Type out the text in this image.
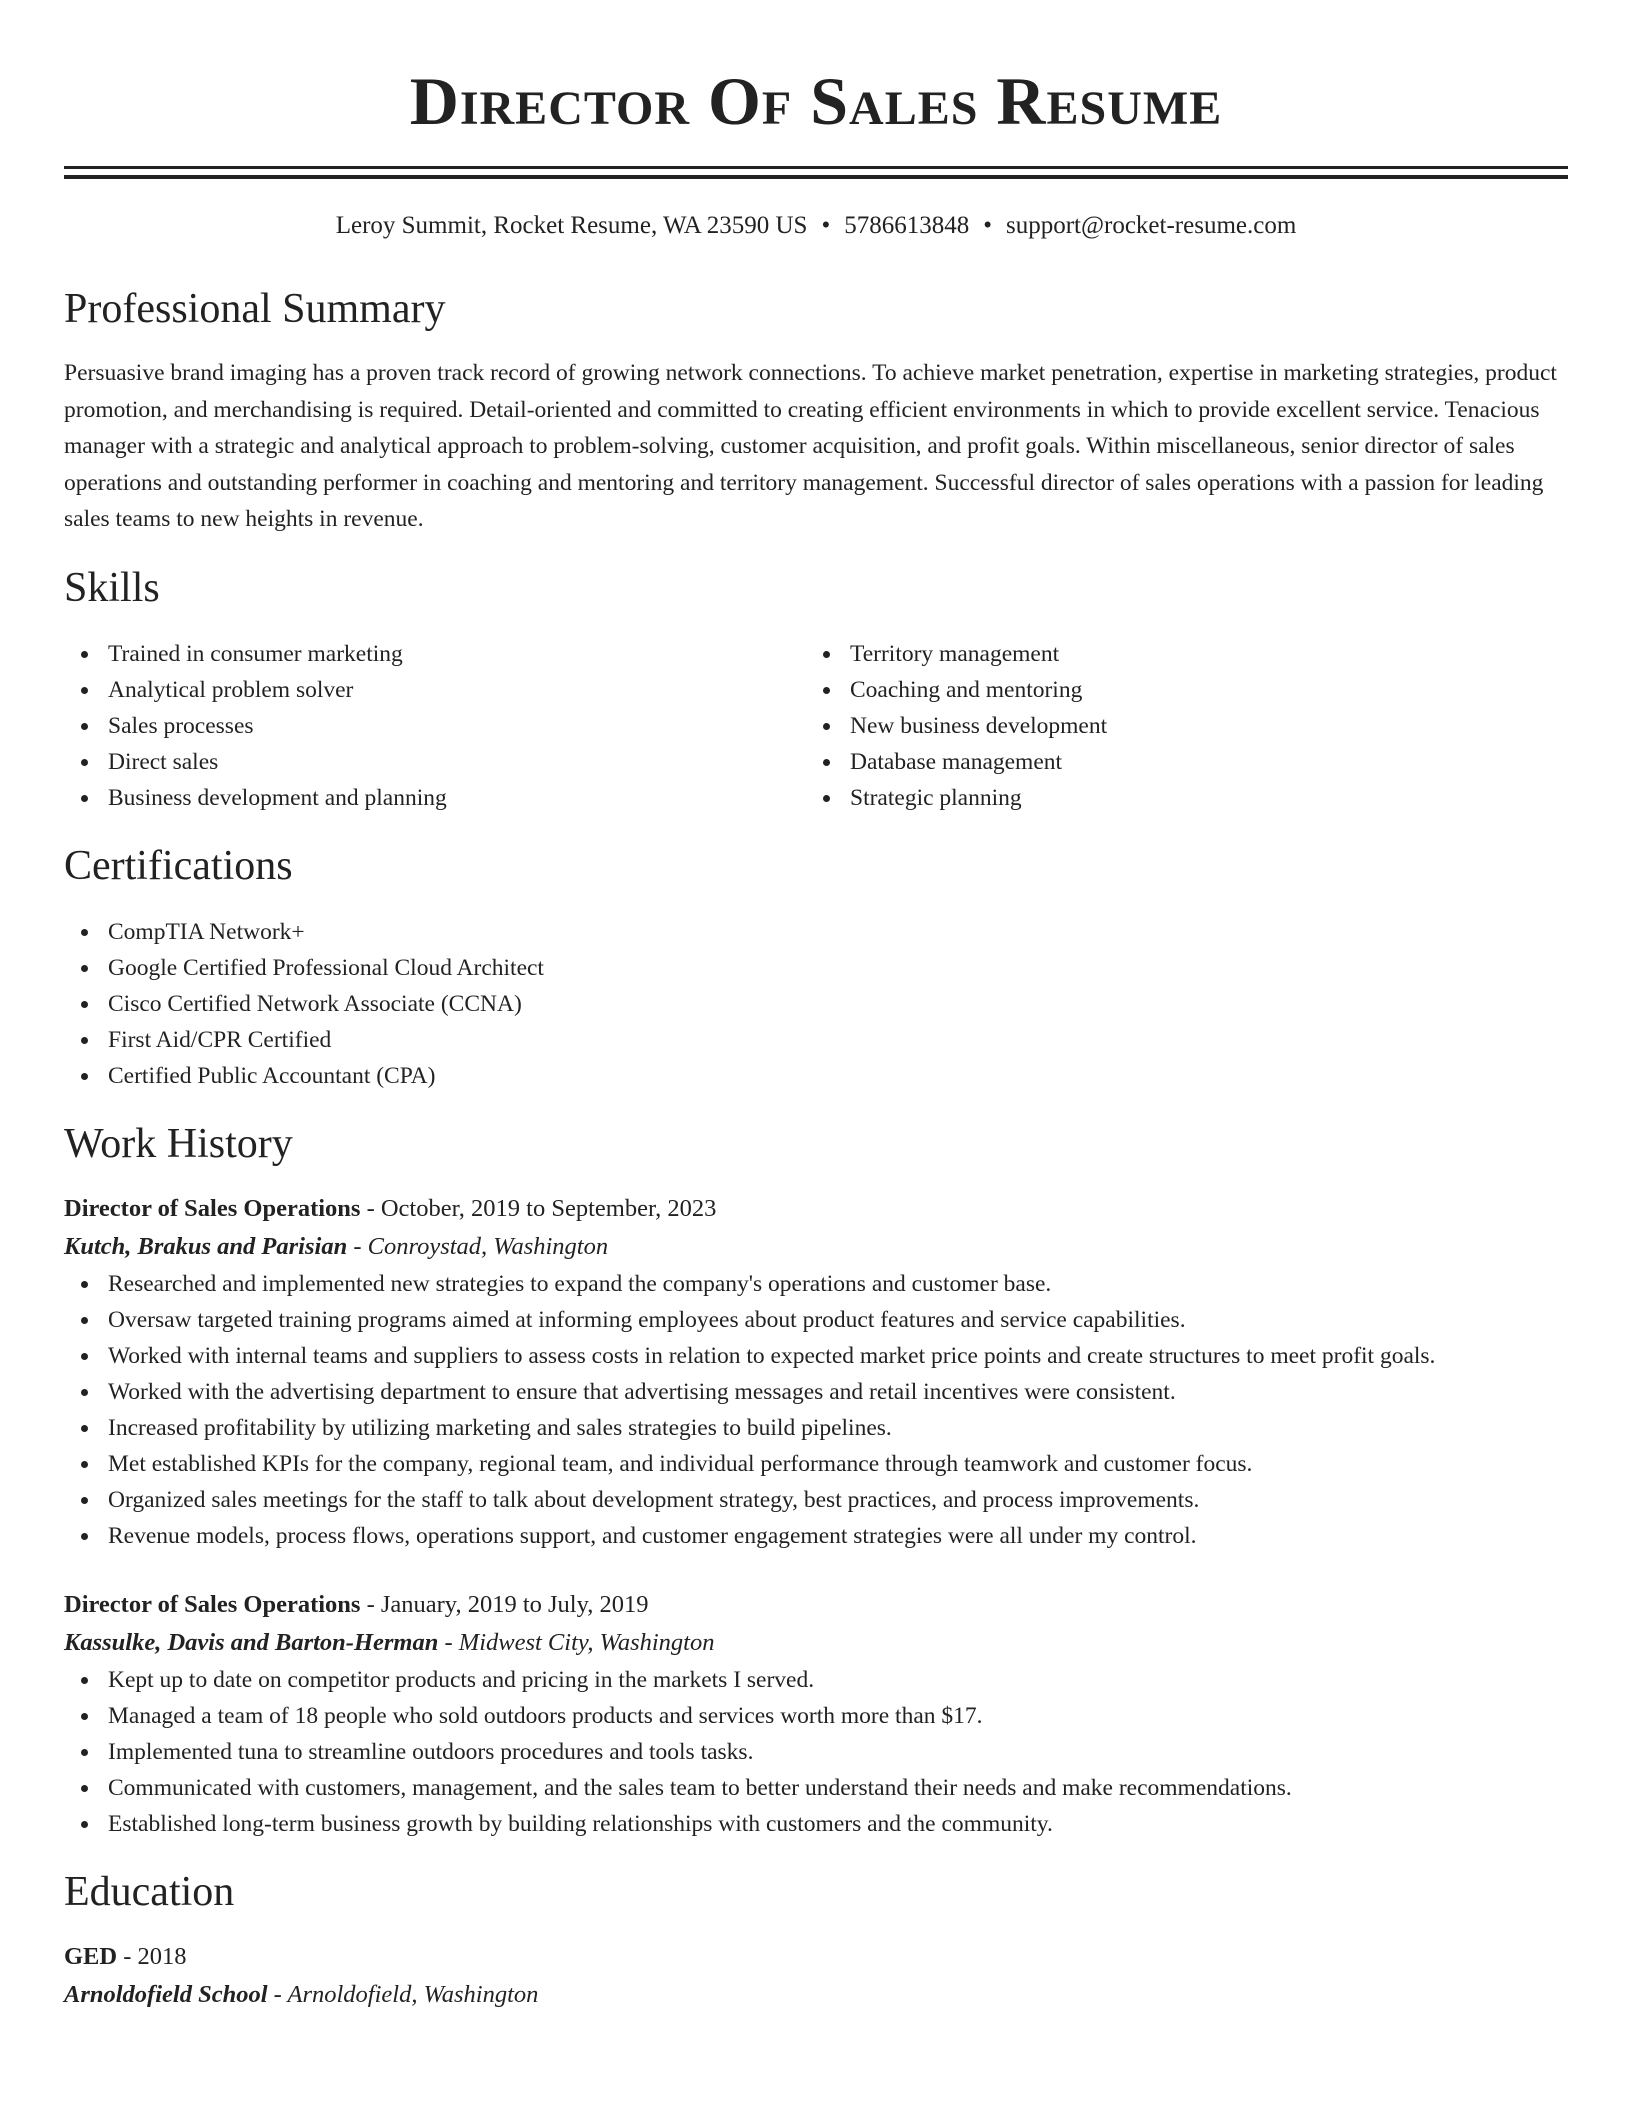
Director Of Sales Resume
Leroy Summit, Rocket Resume, WA 23590 US • 5786613848 • support@rocket-resume.com
Professional Summary

Persuasive brand imaging has a proven track record of growing network connections. To achieve market penetration, expertise in marketing strategies, product promotion, and merchandising is required. Detail-oriented and committed to creating efficient environments in which to provide excellent service. Tenacious manager with a strategic and analytical approach to problem-solving, customer acquisition, and profit goals. Within miscellaneous, senior director of sales operations and outstanding performer in coaching and mentoring and territory management. Successful director of sales operations with a passion for leading sales teams to new heights in revenue.

Skills
Trained in consumer marketing
Analytical problem solver
Sales processes
Direct sales
Business development and planning
Territory management
Coaching and mentoring
New business development
Database management
Strategic planning
Certifications
CompTIA Network+
Google Certified Professional Cloud Architect
Cisco Certified Network Associate (CCNA)
First Aid/CPR Certified
Certified Public Accountant (CPA)
Work History
Director of Sales Operations - October, 2019 to September, 2023
Kutch, Brakus and Parisian - Conroystad, Washington
Researched and implemented new strategies to expand the company's operations and customer base.
Oversaw targeted training programs aimed at informing employees about product features and service capabilities.
Worked with internal teams and suppliers to assess costs in relation to expected market price points and create structures to meet profit goals.
Worked with the advertising department to ensure that advertising messages and retail incentives were consistent.
Increased profitability by utilizing marketing and sales strategies to build pipelines.
Met established KPIs for the company, regional team, and individual performance through teamwork and customer focus.
Organized sales meetings for the staff to talk about development strategy, best practices, and process improvements.
Revenue models, process flows, operations support, and customer engagement strategies were all under my control.
Director of Sales Operations - January, 2019 to July, 2019
Kassulke, Davis and Barton-Herman - Midwest City, Washington
Kept up to date on competitor products and pricing in the markets I served.
Managed a team of 18 people who sold outdoors products and services worth more than $17.
Implemented tuna to streamline outdoors procedures and tools tasks.
Communicated with customers, management, and the sales team to better understand their needs and make recommendations.
Established long-term business growth by building relationships with customers and the community.
Education
GED - 2018
Arnoldofield School - Arnoldofield, Washington
